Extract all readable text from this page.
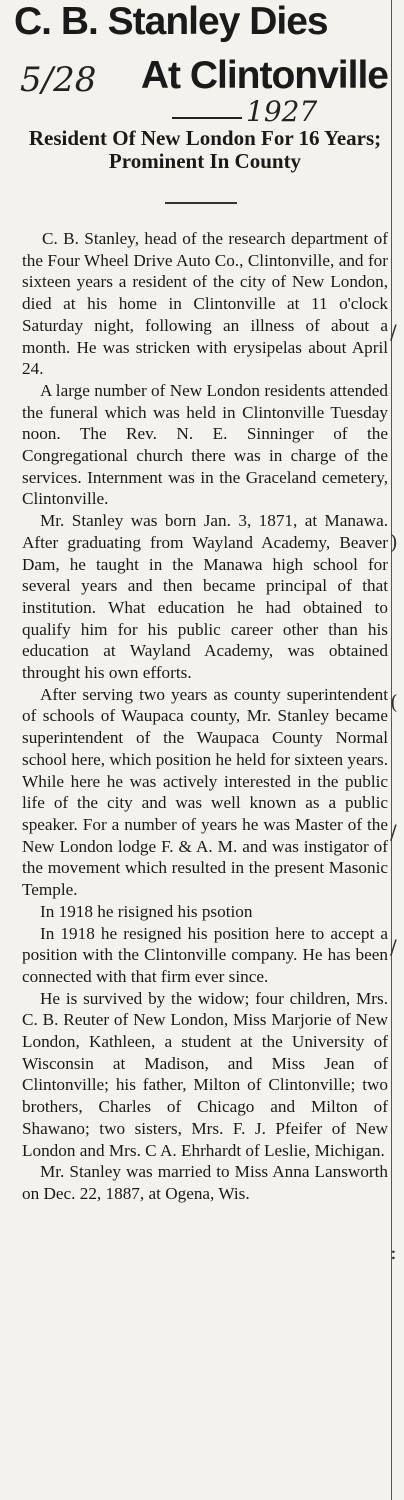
C. B. Stanley Dies
5/28	At Clintonville
1927
Resident Of New London For 16 Years; Prominent In County

C. B. Stanley, head of the research department of the Four Wheel Drive Auto Co., Clintonville, and for sixteen years a resident of the city of New London, died at his home in Clintonville at 11 o'clock Saturday night, following an illness of about a month. He was stricken with erysipelas about April 24.

A large number of New London residents attended the funeral which was held in Clintonville Tuesday noon. The Rev. N. E. Sinninger of the Congregational church there was in charge of the services. Internment was in the Graceland cemetery, Clintonville.

Mr. Stanley was born Jan. 3, 1871, at Manawa. After graduating from Wayland Academy, Beaver Dam, he taught in the Manawa high school for several years and then became principal of that institution. What education he had obtained to qualify him for his public career other than his education at Wayland Academy, was obtained throught his own efforts.

After serving two years as county superintendent of schools of Waupaca county, Mr. Stanley became superintendent of the Waupaca County Normal school here, which position he held for sixteen years. While here he was actively interested in the public life of the city and was well known as a public speaker. For a number of years he was Master of the New London lodge F. & A. M. and was instigator of the movement which resulted in the present Masonic Temple.

In 1918 he risigned his psotion

In 1918 he resigned his position here to accept a position with the Clintonville company. He has been connected with that firm ever since.

He is survived by the widow; four children, Mrs. C. B. Reuter of New London, Miss Marjorie of New London, Kathleen, a student at the University of Wisconsin at Madison, and Miss Jean of Clintonville; his father, Milton of Clintonville; two brothers, Charles of Chicago and Milton of Shawano; two sisters, Mrs. F. J. Pfeifer of New London and Mrs. C A. Ehrhardt of Leslie, Michigan.

Mr. Stanley was married to Miss Anna Lansworth on Dec. 22, 1887, at Ogena, Wis.

/
)
(
/
/
:
